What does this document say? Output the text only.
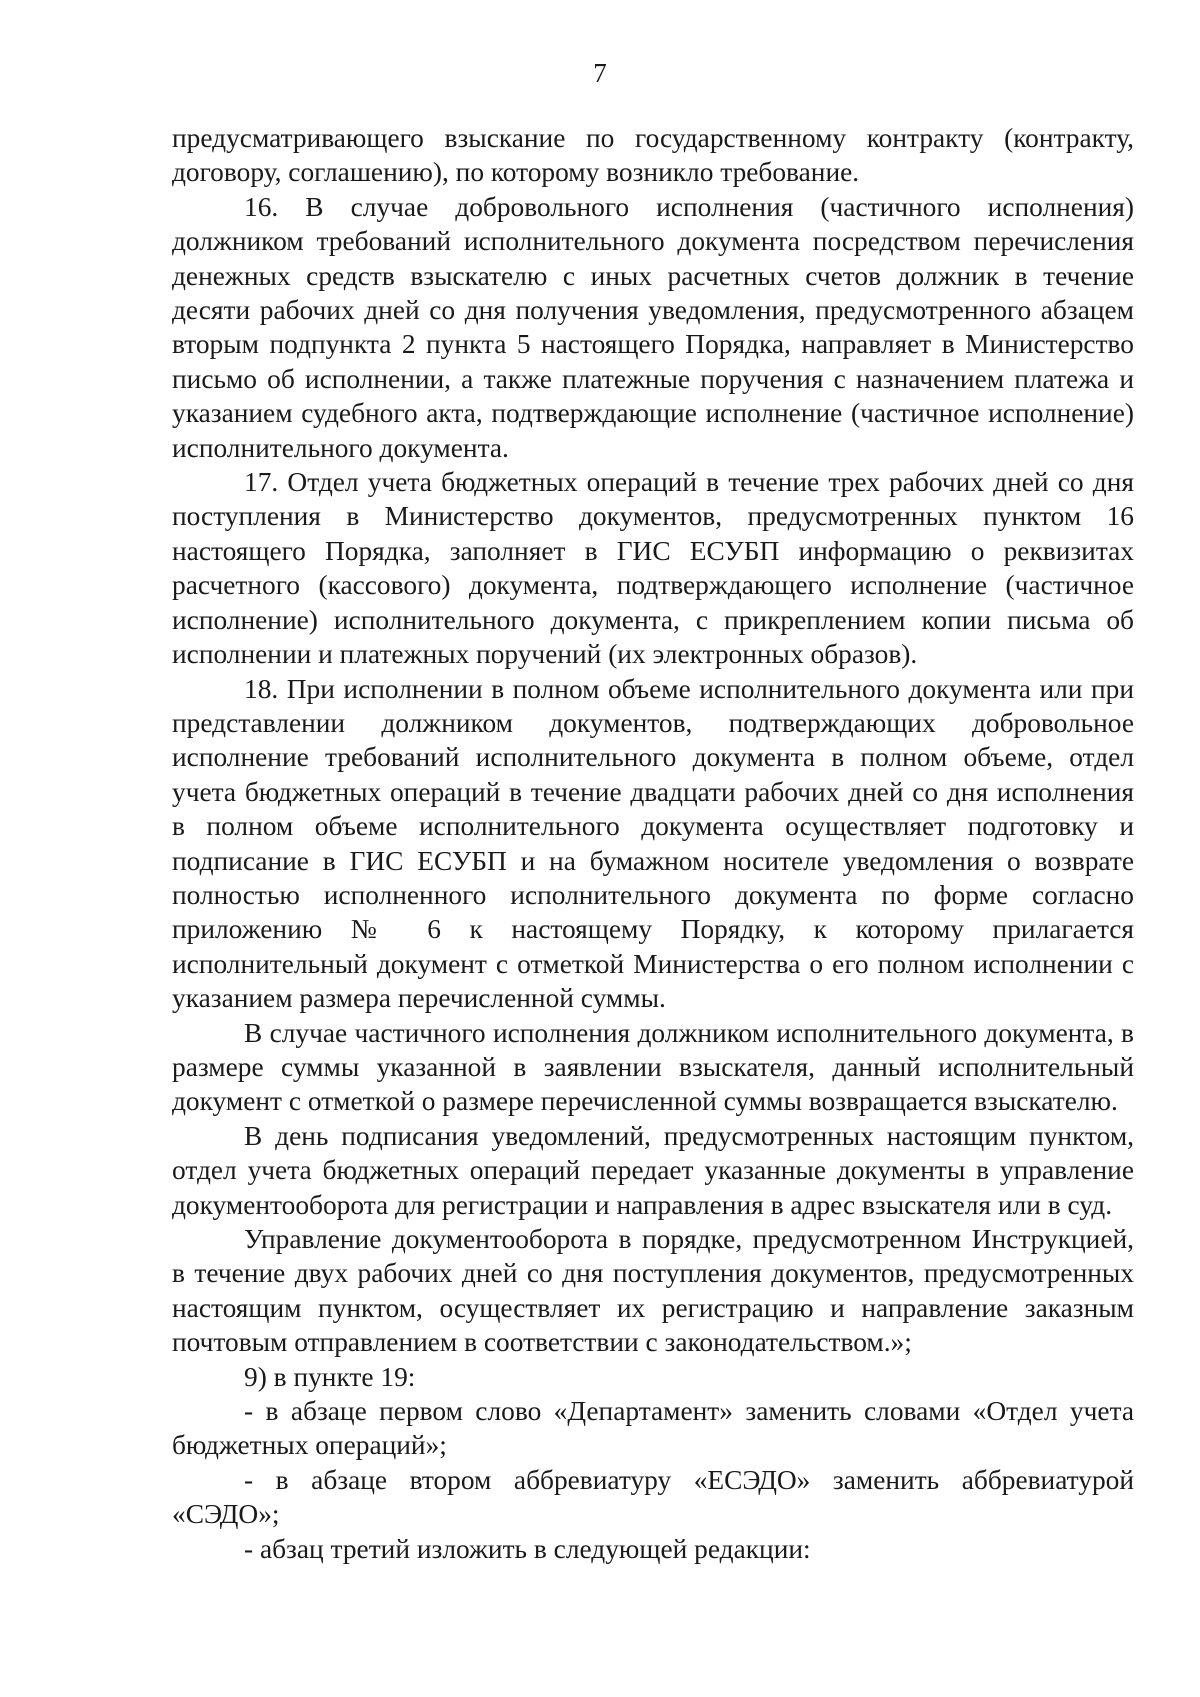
7

предусматривающего взыскание по государственному контракту (контракту, договору, соглашению), по которому возникло требование.

16. В случае добровольного исполнения (частичного исполнения) должником требований исполнительного документа посредством перечисления денежных средств взыскателю с иных расчетных счетов должник в течение десяти рабочих дней со дня получения уведомления, предусмотренного абзацем вторым подпункта 2 пункта 5 настоящего Порядка, направляет в Министерство письмо об исполнении, а также платежные поручения с назначением платежа и указанием судебного акта, подтверждающие исполнение (частичное исполнение) исполнительного документа.

17. Отдел учета бюджетных операций в течение трех рабочих дней со дня поступления в Министерство документов, предусмотренных пунктом 16 настоящего Порядка, заполняет в ГИС ЕСУБП информацию о реквизитах расчетного (кассового) документа, подтверждающего исполнение (частичное исполнение) исполнительного документа, с прикреплением копии письма об исполнении и платежных поручений (их электронных образов).

18. При исполнении в полном объеме исполнительного документа или при представлении должником документов, подтверждающих добровольное исполнение требований исполнительного документа в полном объеме, отдел учета бюджетных операций в течение двадцати рабочих дней со дня исполнения в полном объеме исполнительного документа осуществляет подготовку и подписание в ГИС ЕСУБП и на бумажном носителе уведомления о возврате полностью исполненного исполнительного документа по форме согласно приложению № 6 к настоящему Порядку, к которому прилагается исполнительный документ с отметкой Министерства о его полном исполнении с указанием размера перечисленной суммы.

В случае частичного исполнения должником исполнительного документа, в размере суммы указанной в заявлении взыскателя, данный исполнительный документ с отметкой о размере перечисленной суммы возвращается взыскателю.

В день подписания уведомлений, предусмотренных настоящим пунктом, отдел учета бюджетных операций передает указанные документы в управление документооборота для регистрации и направления в адрес взыскателя или в суд.

Управление документооборота в порядке, предусмотренном Инструкцией, в течение двух рабочих дней со дня поступления документов, предусмотренных настоящим пунктом, осуществляет их регистрацию и направление заказным почтовым отправлением в соответствии с законодательством.»;

9) в пункте 19:

- в абзаце первом слово «Департамент» заменить словами «Отдел учета бюджетных операций»;

- в абзаце втором аббревиатуру «ЕСЭДО» заменить аббревиатурой «СЭДО»;

- абзац третий изложить в следующей редакции:
